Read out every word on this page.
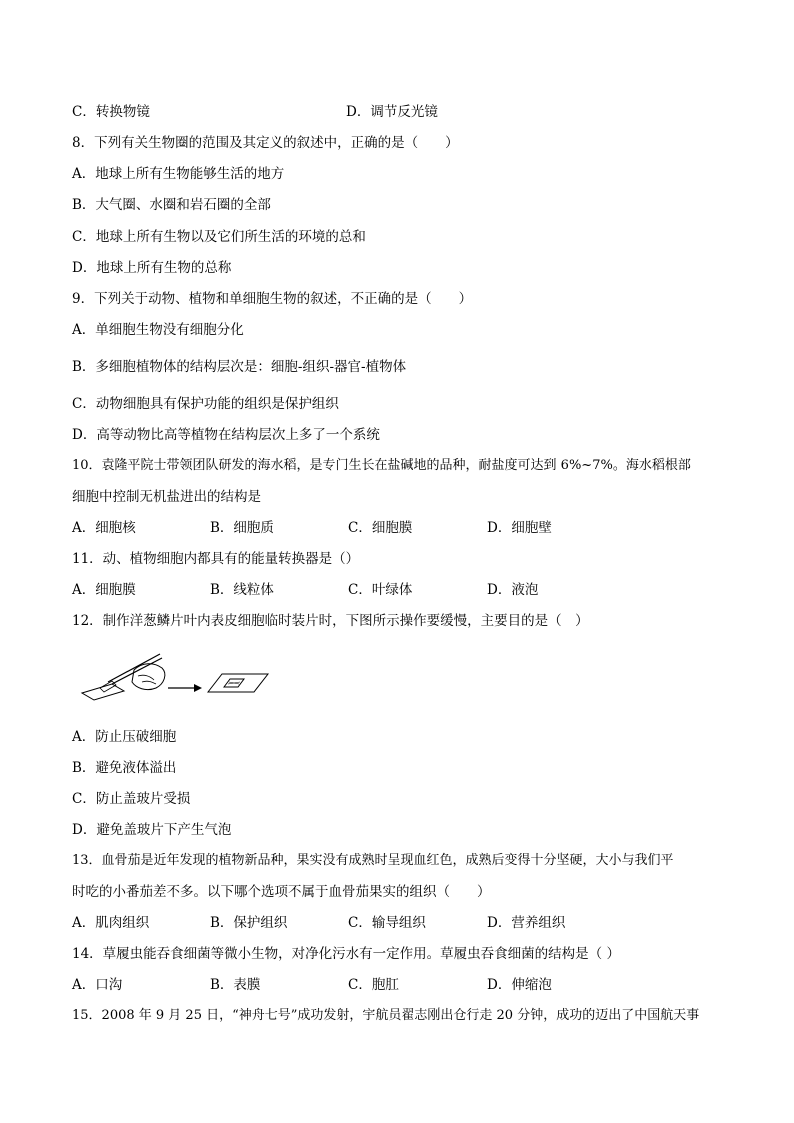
C．转换物镜	D．调节反光镜
8．下列有关生物圈的范围及其定义的叙述中，正确的是（　　）
A．地球上所有生物能够生活的地方
B．大气圈、水圈和岩石圈的全部
C．地球上所有生物以及它们所生活的环境的总和
D．地球上所有生物的总称
9．下列关于动物、植物和单细胞生物的叙述，不正确的是（　　）
A．单细胞生物没有细胞分化
B．多细胞植物体的结构层次是：细胞-组织-器官-植物体
C．动物细胞具有保护功能的组织是保护组织
D．高等动物比高等植物在结构层次上多了一个系统
10．袁隆平院士带领团队研发的海水稻，是专门生长在盐碱地的品种，耐盐度可达到 6%~7%。海水稻根部
细胞中控制无机盐进出的结构是
A．细胞核	B．细胞质	C．细胞膜	D．细胞壁
11．动、植物细胞内都具有的能量转换器是（）
A．细胞膜	B．线粒体	C．叶绿体	D．液泡
12．制作洋葱鳞片叶内表皮细胞临时装片时，下图所示操作要缓慢，主要目的是（　）
A．防止压破细胞
B．避免液体溢出
C．防止盖玻片受损
D．避免盖玻片下产生气泡
13．血骨茄是近年发现的植物新品种，果实没有成熟时呈现血红色，成熟后变得十分坚硬，大小与我们平
时吃的小番茄差不多。以下哪个选项不属于血骨茄果实的组织（　　）
A．肌肉组织	B．保护组织	C．输导组织	D．营养组织
14．草履虫能吞食细菌等微小生物，对净化污水有一定作用。草履虫吞食细菌的结构是（ ）
A．口沟	B．表膜	C．胞肛	D．伸缩泡
15．2008 年 9 月 25 日，“神舟七号”成功发射，宇航员翟志刚出仓行走 20 分钟，成功的迈出了中国航天事
